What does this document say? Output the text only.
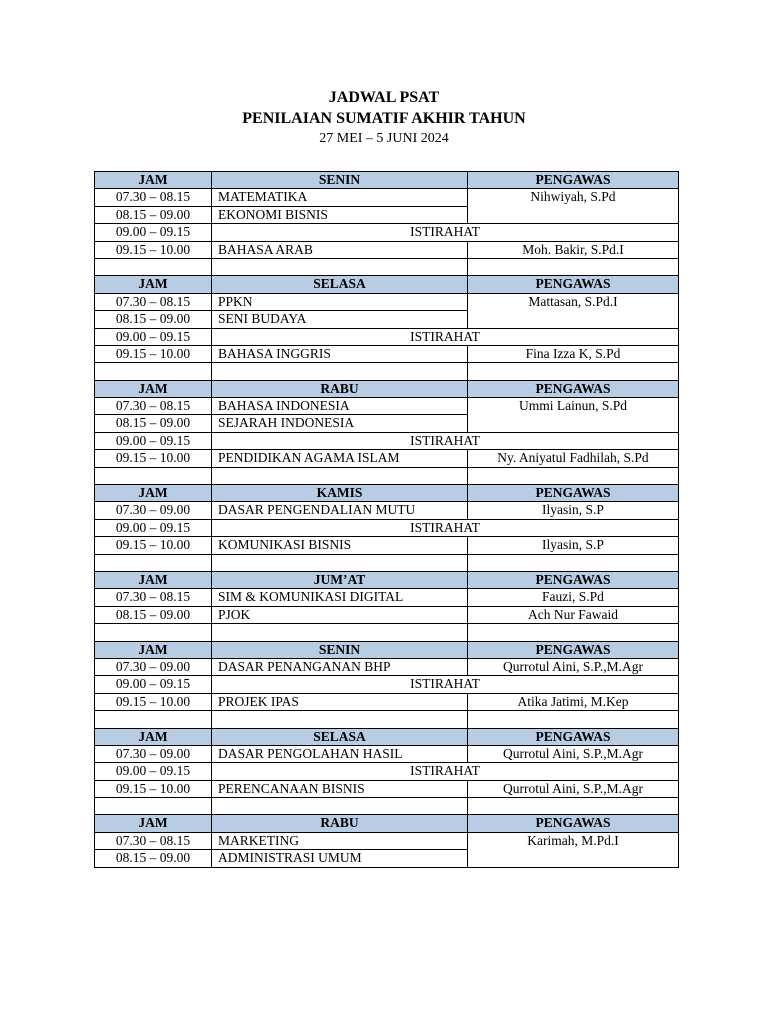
JADWAL PSAT
PENILAIAN SUMATIF AKHIR TAHUN
27 MEI – 5 JUNI 2024
JAM	SENIN	PENGAWAS
07.30 – 08.15	MATEMATIKA	Nihwiyah, S.Pd
08.15 – 09.00	EKONOMI BISNIS	
09.00 – 09.15	ISTIRAHAT	
09.15 – 10.00	BAHASA ARAB	Moh. Bakir, S.Pd.I

JAM	SELASA	PENGAWAS
07.30 – 08.15	PPKN	Mattasan, S.Pd.I
08.15 – 09.00	SENI BUDAYA	
09.00 – 09.15	ISTIRAHAT	
09.15 – 10.00	BAHASA INGGRIS	Fina Izza K, S.Pd

JAM	RABU	PENGAWAS
07.30 – 08.15	BAHASA INDONESIA	Ummi Lainun, S.Pd
08.15 – 09.00	SEJARAH INDONESIA	
09.00 – 09.15	ISTIRAHAT	
09.15 – 10.00	PENDIDIKAN AGAMA ISLAM	Ny. Aniyatul Fadhilah, S.Pd

JAM	KAMIS	PENGAWAS
07.30 – 09.00	DASAR PENGENDALIAN MUTU	Ilyasin, S.P
09.00 – 09.15	ISTIRAHAT	
09.15 – 10.00	KOMUNIKASI BISNIS	Ilyasin, S.P

JAM	JUM’AT	PENGAWAS
07.30 – 08.15	SIM & KOMUNIKASI DIGITAL	Fauzi, S.Pd
08.15 – 09.00	PJOK	Ach Nur Fawaid

JAM	SENIN	PENGAWAS
07.30 – 09.00	DASAR PENANGANAN BHP	Qurrotul Aini, S.P.,M.Agr
09.00 – 09.15	ISTIRAHAT	
09.15 – 10.00	PROJEK IPAS	Atika Jatimi, M.Kep

JAM	SELASA	PENGAWAS
07.30 – 09.00	DASAR PENGOLAHAN HASIL	Qurrotul Aini, S.P.,M.Agr
09.00 – 09.15	ISTIRAHAT	
09.15 – 10.00	PERENCANAAN BISNIS	Qurrotul Aini, S.P.,M.Agr

JAM	RABU	PENGAWAS
07.30 – 08.15	MARKETING	Karimah, M.Pd.I
08.15 – 09.00	ADMINISTRASI UMUM	
